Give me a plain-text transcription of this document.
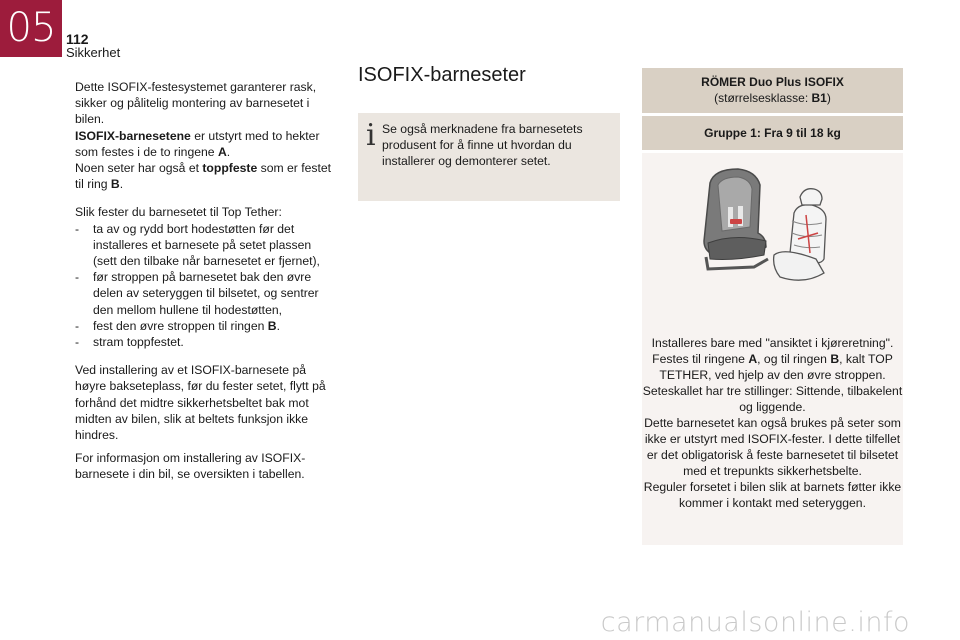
05 112
Sikkerhet

Dette ISOFIX-festesystemet garanterer rask, sikker og pålitelig montering av barnesetet i bilen.

ISOFIX-barnesetene er utstyrt med to hekter som festes i de to ringene A.

Noen seter har også et toppfeste som er festet til ring B.

Slik fester du barnesetet til Top Tether:

- ta av og rydd bort hodestøtten før det installeres et barnesete på setet plassen (sett den tilbake når barnesetet er fjernet),

- før stroppen på barnesetet bak den øvre delen av seteryggen til bilsetet, og sentrer den mellom hullene til hodestøtten,

- fest den øvre stroppen til ringen B.

- stram toppfestet.

Ved installering av et ISOFIX-barnesete på høyre bakseteplass, før du fester setet, flytt på forhånd det midtre sikkerhetsbeltet bak mot midten av bilen, slik at beltets funksjon ikke hindres.

For informasjon om installering av ISOFIX-barnesete i din bil, se oversikten i tabellen.

ISOFIX-barneseter
i Se også merknadene fra barnesetets produsent for å finne ut hvordan du installerer og demonterer setet.
RÖMER Duo Plus ISOFIX
(størrelsesklasse: B1)
Gruppe 1: Fra 9 til 18 kg

Installeres bare med "ansiktet i kjøreretning".

Festes til ringene A, og til ringen B, kalt TOP TETHER, ved hjelp av den øvre stroppen.

Seteskallet har tre stillinger: Sittende, tilbakelent og liggende.

Dette barnesetet kan også brukes på seter som ikke er utstyrt med ISOFIX-fester. I dette tilfellet er det obligatorisk å feste barnesetet til bilsetet med et trepunkts sikkerhetsbelte.

Reguler forsetet i bilen slik at barnets føtter ikke kommer i kontakt med seteryggen.

carmanualsonline.info
